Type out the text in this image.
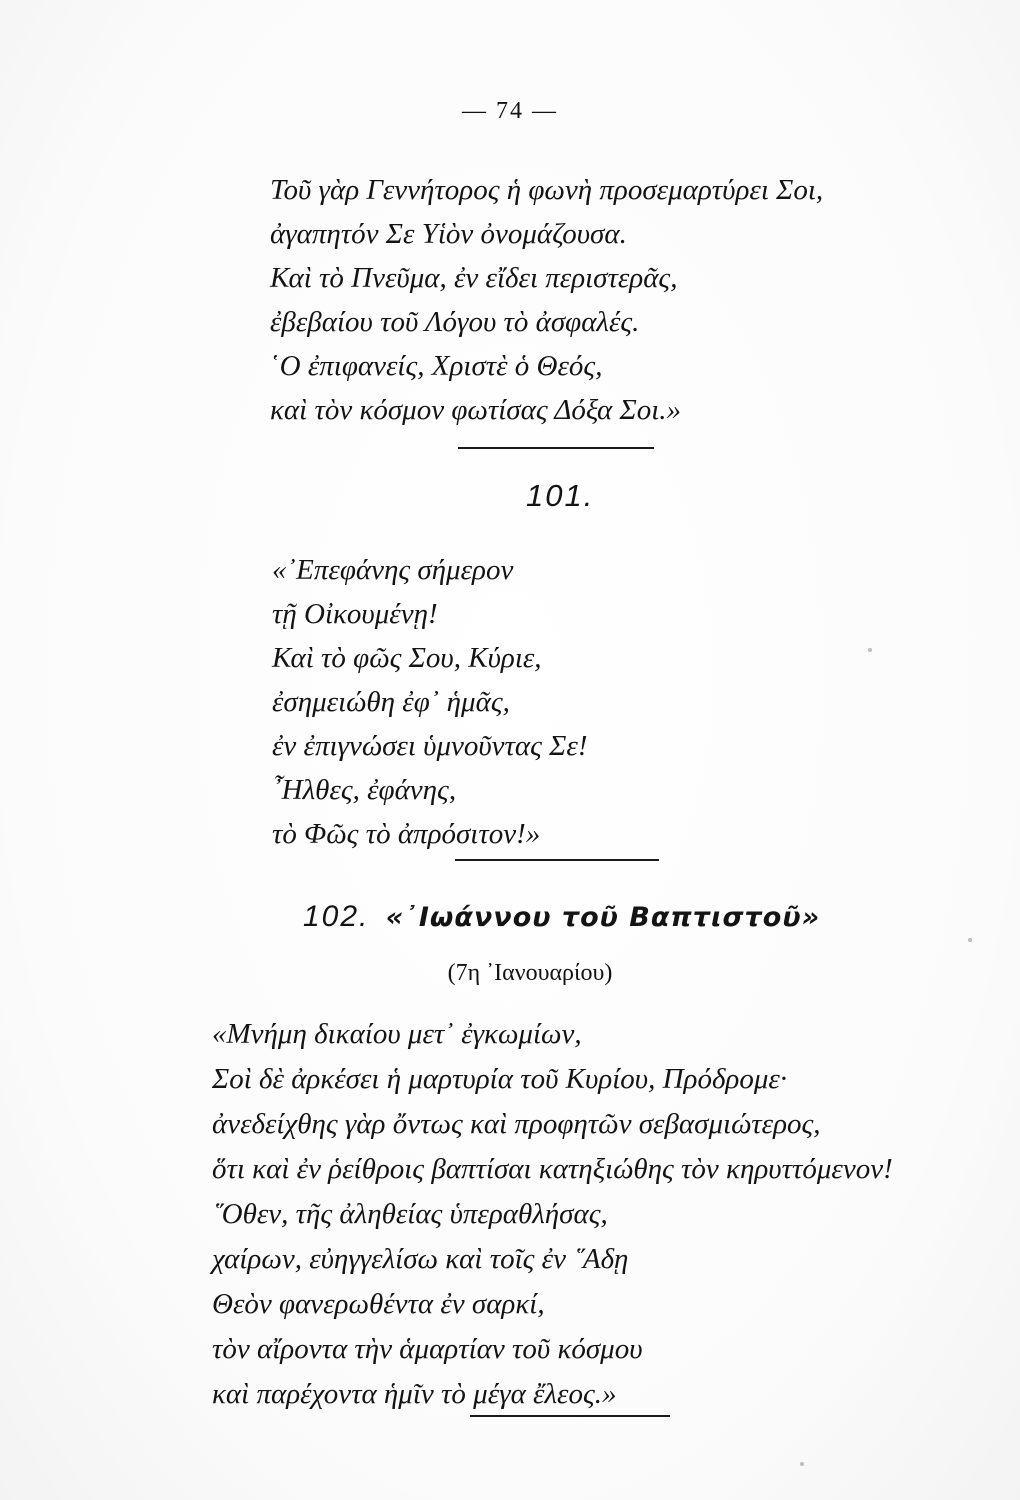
— 74 —
Τοῦ γὰρ Γεννήτορος ἡ φωνὴ προσεμαρτύρει Σοι,
ἀγαπητόν Σε Υἱὸν ὀνομάζουσα.
Καὶ τὸ Πνεῦμα, ἐν εἴδει περιστερᾶς,
ἐβεβαίου τοῦ Λόγου τὸ ἀσφαλές.
῾Ο ἐπιφανείς, Χριστὲ ὁ Θεός,
καὶ τὸν κόσμον φωτίσας Δόξα Σοι.»
101.
«᾿Επεφάνης σήμερον
τῇ Οἰκουμένῃ!
Καὶ τὸ φῶς Σου, Κύριε,
ἐσημειώθη ἐφ᾿ ἡμᾶς,
ἐν ἐπιγνώσει ὑμνοῦντας Σε!
῏Ηλθες, ἐφάνης,
τὸ Φῶς τὸ ἀπρόσιτον!»
102. «᾿Ιωάννου τοῦ Βαπτιστοῦ»
(7η ᾿Ιανουαρίου)
«Μνήμη δικαίου μετ᾿ ἐγκωμίων,
Σοὶ δὲ ἀρκέσει ἡ μαρτυρία τοῦ Κυρίου, Πρόδρομε·
ἀνεδείχθης γὰρ ὄντως καὶ προφητῶν σεβασμιώτερος,
ὅτι καὶ ἐν ῥείθροις βαπτίσαι κατηξιώθης τὸν κηρυττόμενον!
῞Οθεν, τῆς ἀληθείας ὑπεραθλήσας,
χαίρων, εὐηγγελίσω καὶ τοῖς ἐν ῞Αδῃ
Θεὸν φανερωθέντα ἐν σαρκί,
τὸν αἴροντα τὴν ἁμαρτίαν τοῦ κόσμου
καὶ παρέχοντα ἡμῖν τὸ μέγα ἔλεος.»
